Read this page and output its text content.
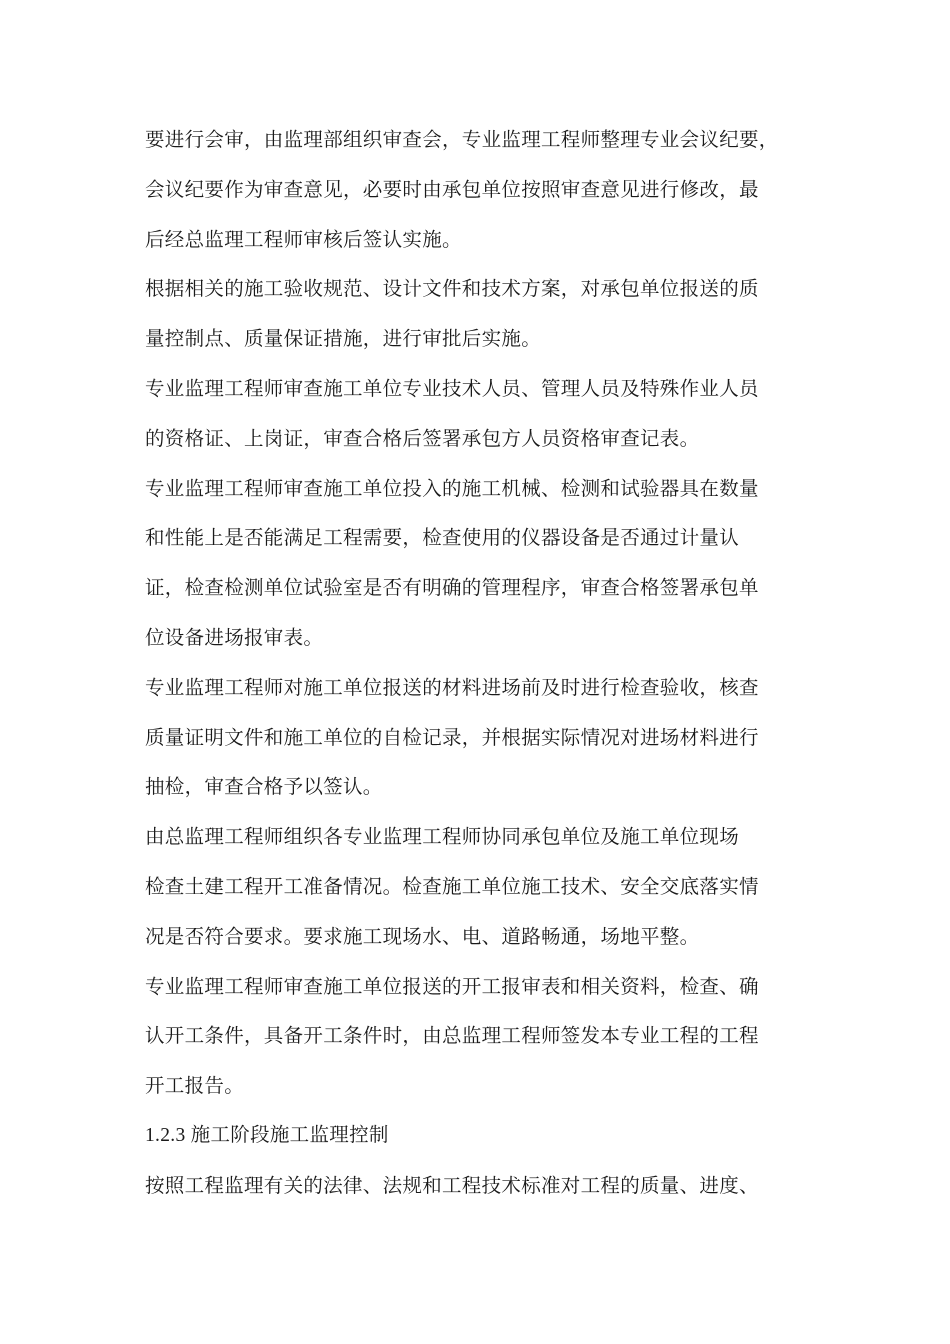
要进行会审，由监理部组织审查会，专业监理工程师整理专业会议纪要，
会议纪要作为审查意见，必要时由承包单位按照审查意见进行修改，最
后经总监理工程师审核后签认实施。
根据相关的施工验收规范、设计文件和技术方案，对承包单位报送的质
量控制点、质量保证措施，进行审批后实施。
专业监理工程师审查施工单位专业技术人员、管理人员及特殊作业人员
的资格证、上岗证，审查合格后签署承包方人员资格审查记表。
专业监理工程师审查施工单位投入的施工机械、检测和试验器具在数量
和性能上是否能满足工程需要，检查使用的仪器设备是否通过计量认
证，检查检测单位试验室是否有明确的管理程序，审查合格签署承包单
位设备进场报审表。
专业监理工程师对施工单位报送的材料进场前及时进行检查验收，核查
质量证明文件和施工单位的自检记录，并根据实际情况对进场材料进行
抽检，审查合格予以签认。
由总监理工程师组织各专业监理工程师协同承包单位及施工单位现场
检查土建工程开工准备情况。检查施工单位施工技术、安全交底落实情
况是否符合要求。要求施工现场水、电、道路畅通，场地平整。
专业监理工程师审查施工单位报送的开工报审表和相关资料，检查、确
认开工条件，具备开工条件时，由总监理工程师签发本专业工程的工程
开工报告。
1.2.3 施工阶段施工监理控制
按照工程监理有关的法律、法规和工程技术标准对工程的质量、进度、
